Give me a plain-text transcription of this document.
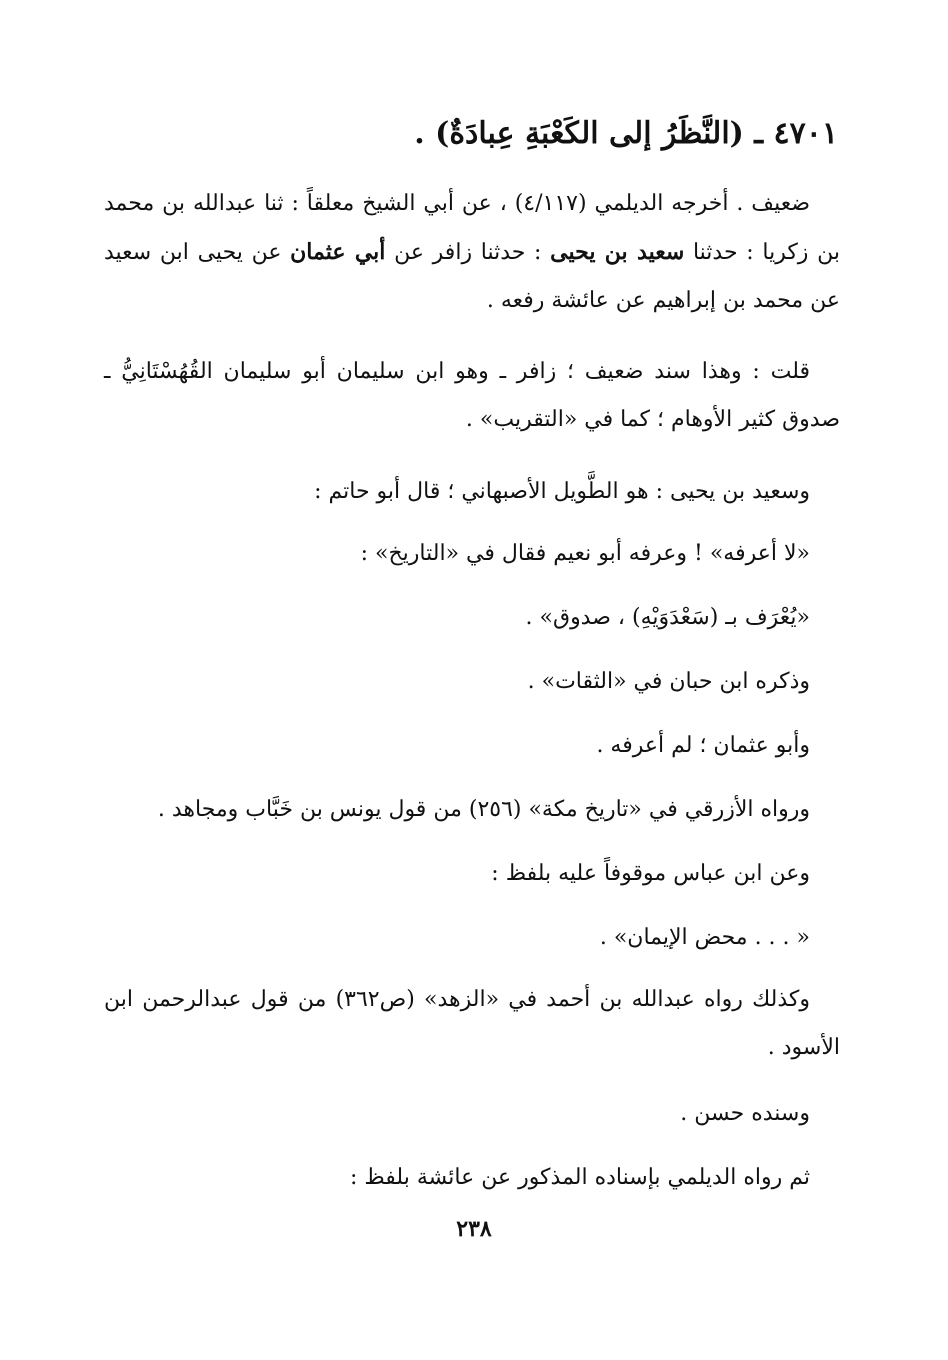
٤٧٠١ ـ (النَّظَرُ إلى الكَعْبَةِ عِبادَةٌ) .

ضعيف . أخرجه الديلمي (٤/١١٧) ، عن أبي الشيخ معلقاً : ثنا عبدالله بن محمد بن زكريا : حدثنا سعيد بن يحيى : حدثنا زافر عن أبي عثمان عن يحيى ابن سعيد عن محمد بن إبراهيم عن عائشة رفعه .

قلت : وهذا سند ضعيف ؛ زافر ـ وهو ابن سليمان أبو سليمان القُهُسْتَانِيُّ ـ صدوق كثير الأوهام ؛ كما في «التقريب» .

وسعيد بن يحيى : هو الطَّويل الأصبهاني ؛ قال أبو حاتم :

«لا أعرفه» ! وعرفه أبو نعيم فقال في «التاريخ» :

«يُعْرَف بـ (سَعْدَوَيْهِ) ، صدوق» .

وذكره ابن حبان في «الثقات» .

وأبو عثمان ؛ لم أعرفه .

ورواه الأزرقي في «تاريخ مكة» (٢٥٦) من قول يونس بن خَبَّاب ومجاهد .

وعن ابن عباس موقوفاً عليه بلفظ :

« . . . محض الإيمان» .

وكذلك رواه عبدالله بن أحمد في «الزهد» (ص٣٦٢) من قول عبدالرحمن ابن الأسود .

وسنده حسن .

ثم رواه الديلمي بإسناده المذكور عن عائشة بلفظ :

٢٣٨
